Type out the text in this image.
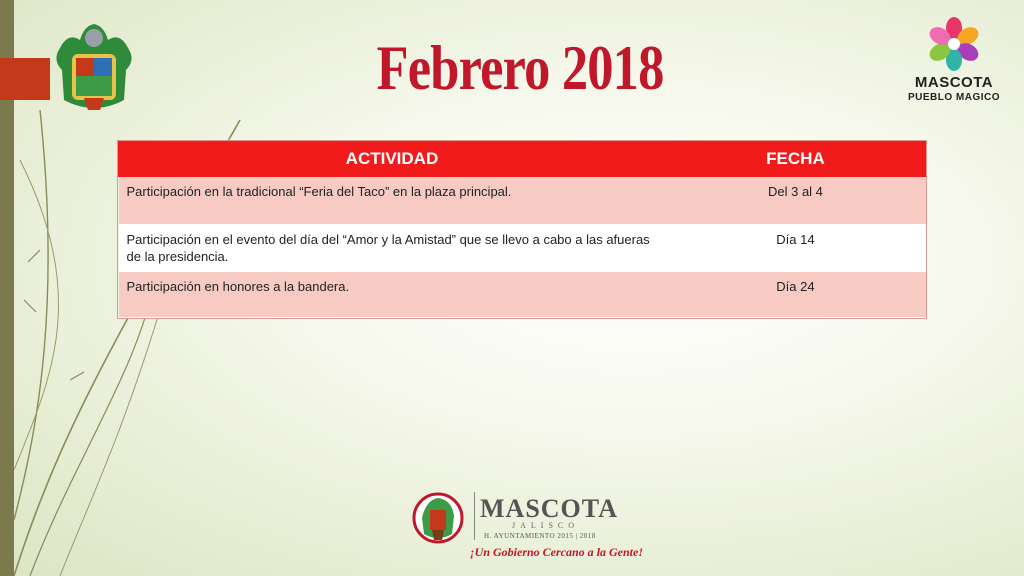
Febrero 2018	MASCOTA
PUEBLO MAGICO
ACTIVIDAD	FECHA
Participación en la tradicional “Feria del Taco” en la plaza principal.	Del 3 al 4
Participación en el evento del día del “Amor y la Amistad” que se llevo a cabo a las afueras de la presidencia.	Día 14
Participación en honores a la bandera.	Día 24
MASCOTA
JALISCO
H. AYUNTAMIENTO 2015 | 2018
¡Un Gobierno Cercano a la Gente!
